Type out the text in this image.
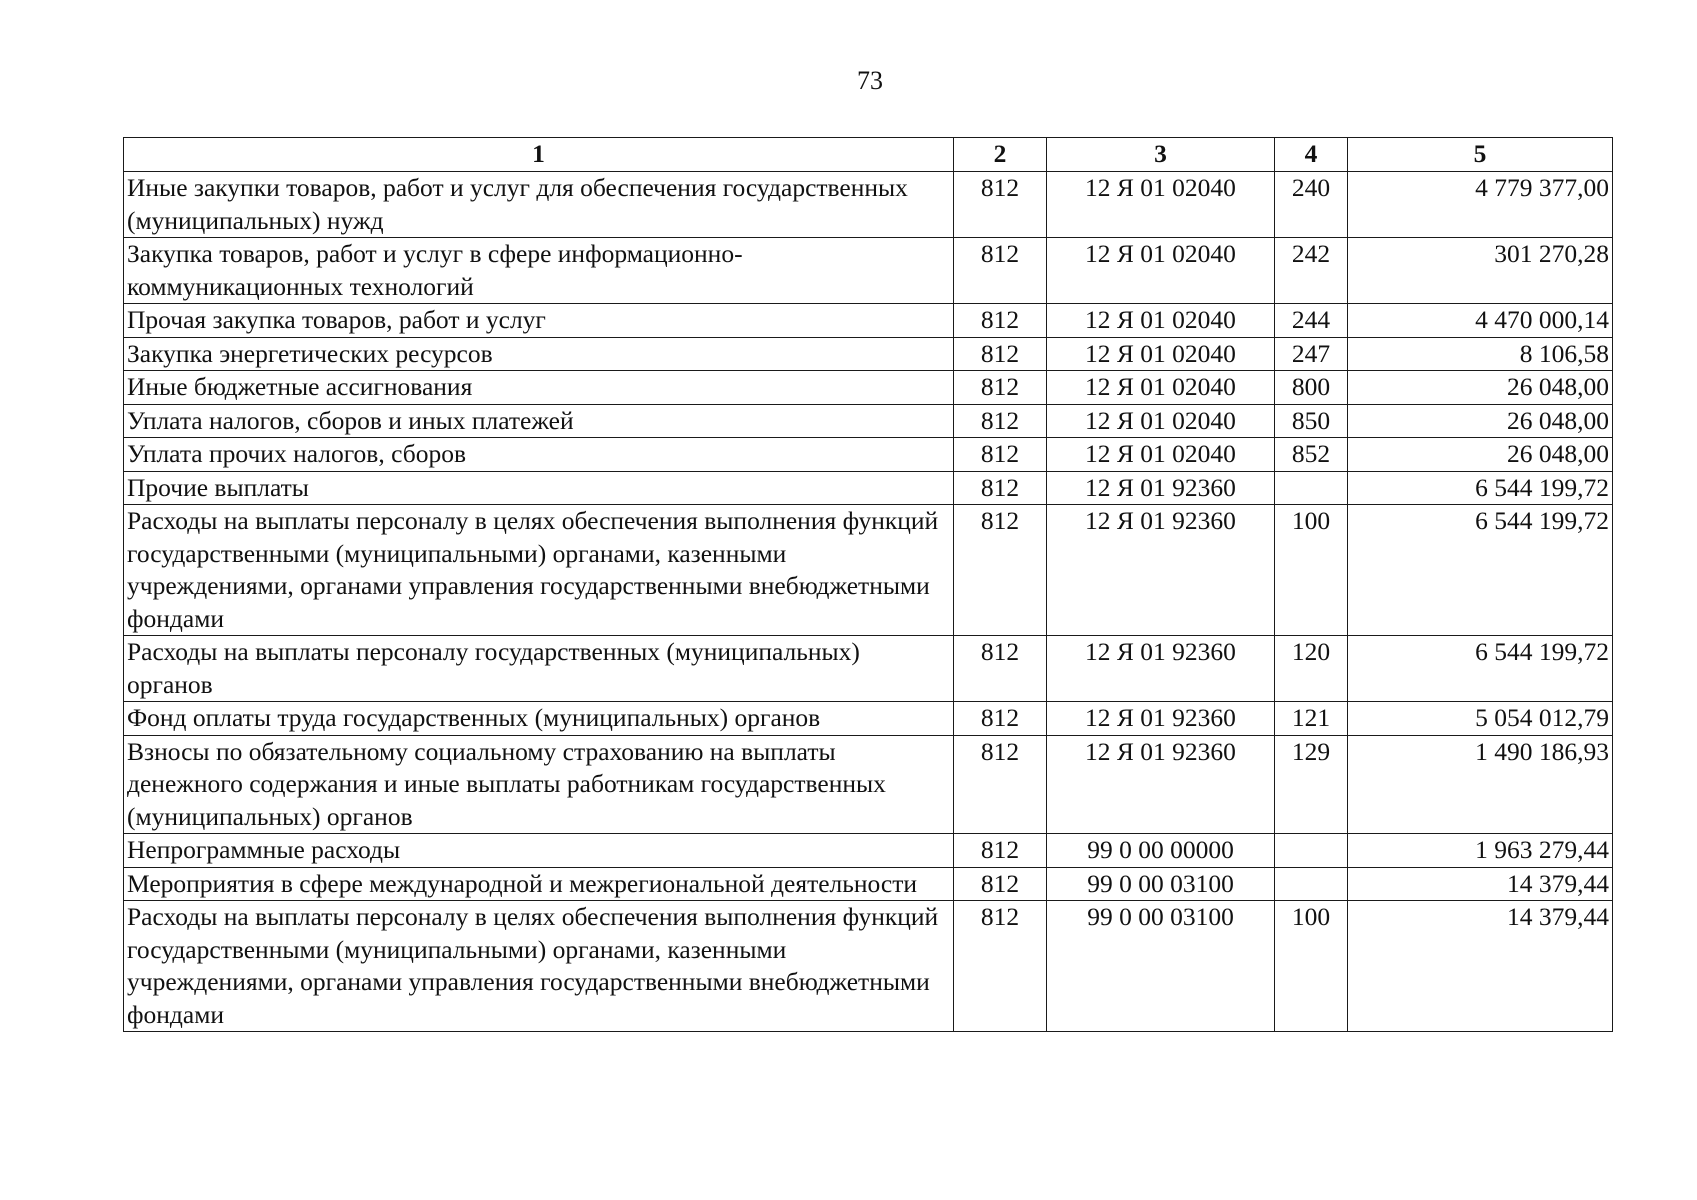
73
1	2	3	4	5
Иные закупки товаров, работ и услуг для обеспечения государственных (муниципальных) нужд	812	12 Я 01 02040	240	4 779 377,00
Закупка товаров, работ и услуг в сфере информационно-коммуникационных технологий	812	12 Я 01 02040	242	301 270,28
Прочая закупка товаров, работ и услуг	812	12 Я 01 02040	244	4 470 000,14
Закупка энергетических ресурсов	812	12 Я 01 02040	247	8 106,58
Иные бюджетные ассигнования	812	12 Я 01 02040	800	26 048,00
Уплата налогов, сборов и иных платежей	812	12 Я 01 02040	850	26 048,00
Уплата прочих налогов, сборов	812	12 Я 01 02040	852	26 048,00
Прочие выплаты	812	12 Я 01 92360		6 544 199,72
Расходы на выплаты персоналу в целях обеспечения выполнения функций государственными (муниципальными) органами, казенными учреждениями, органами управления государственными внебюджетными фондами	812	12 Я 01 92360	100	6 544 199,72
Расходы на выплаты персоналу государственных (муниципальных) органов	812	12 Я 01 92360	120	6 544 199,72
Фонд оплаты труда государственных (муниципальных) органов	812	12 Я 01 92360	121	5 054 012,79
Взносы по обязательному социальному страхованию на выплаты денежного содержания и иные выплаты работникам государственных (муниципальных) органов	812	12 Я 01 92360	129	1 490 186,93
Непрограммные расходы	812	99 0 00 00000		1 963 279,44
Мероприятия в сфере международной и межрегиональной деятельности	812	99 0 00 03100		14 379,44
Расходы на выплаты персоналу в целях обеспечения выполнения функций государственными (муниципальными) органами, казенными учреждениями, органами управления государственными внебюджетными фондами	812	99 0 00 03100	100	14 379,44
